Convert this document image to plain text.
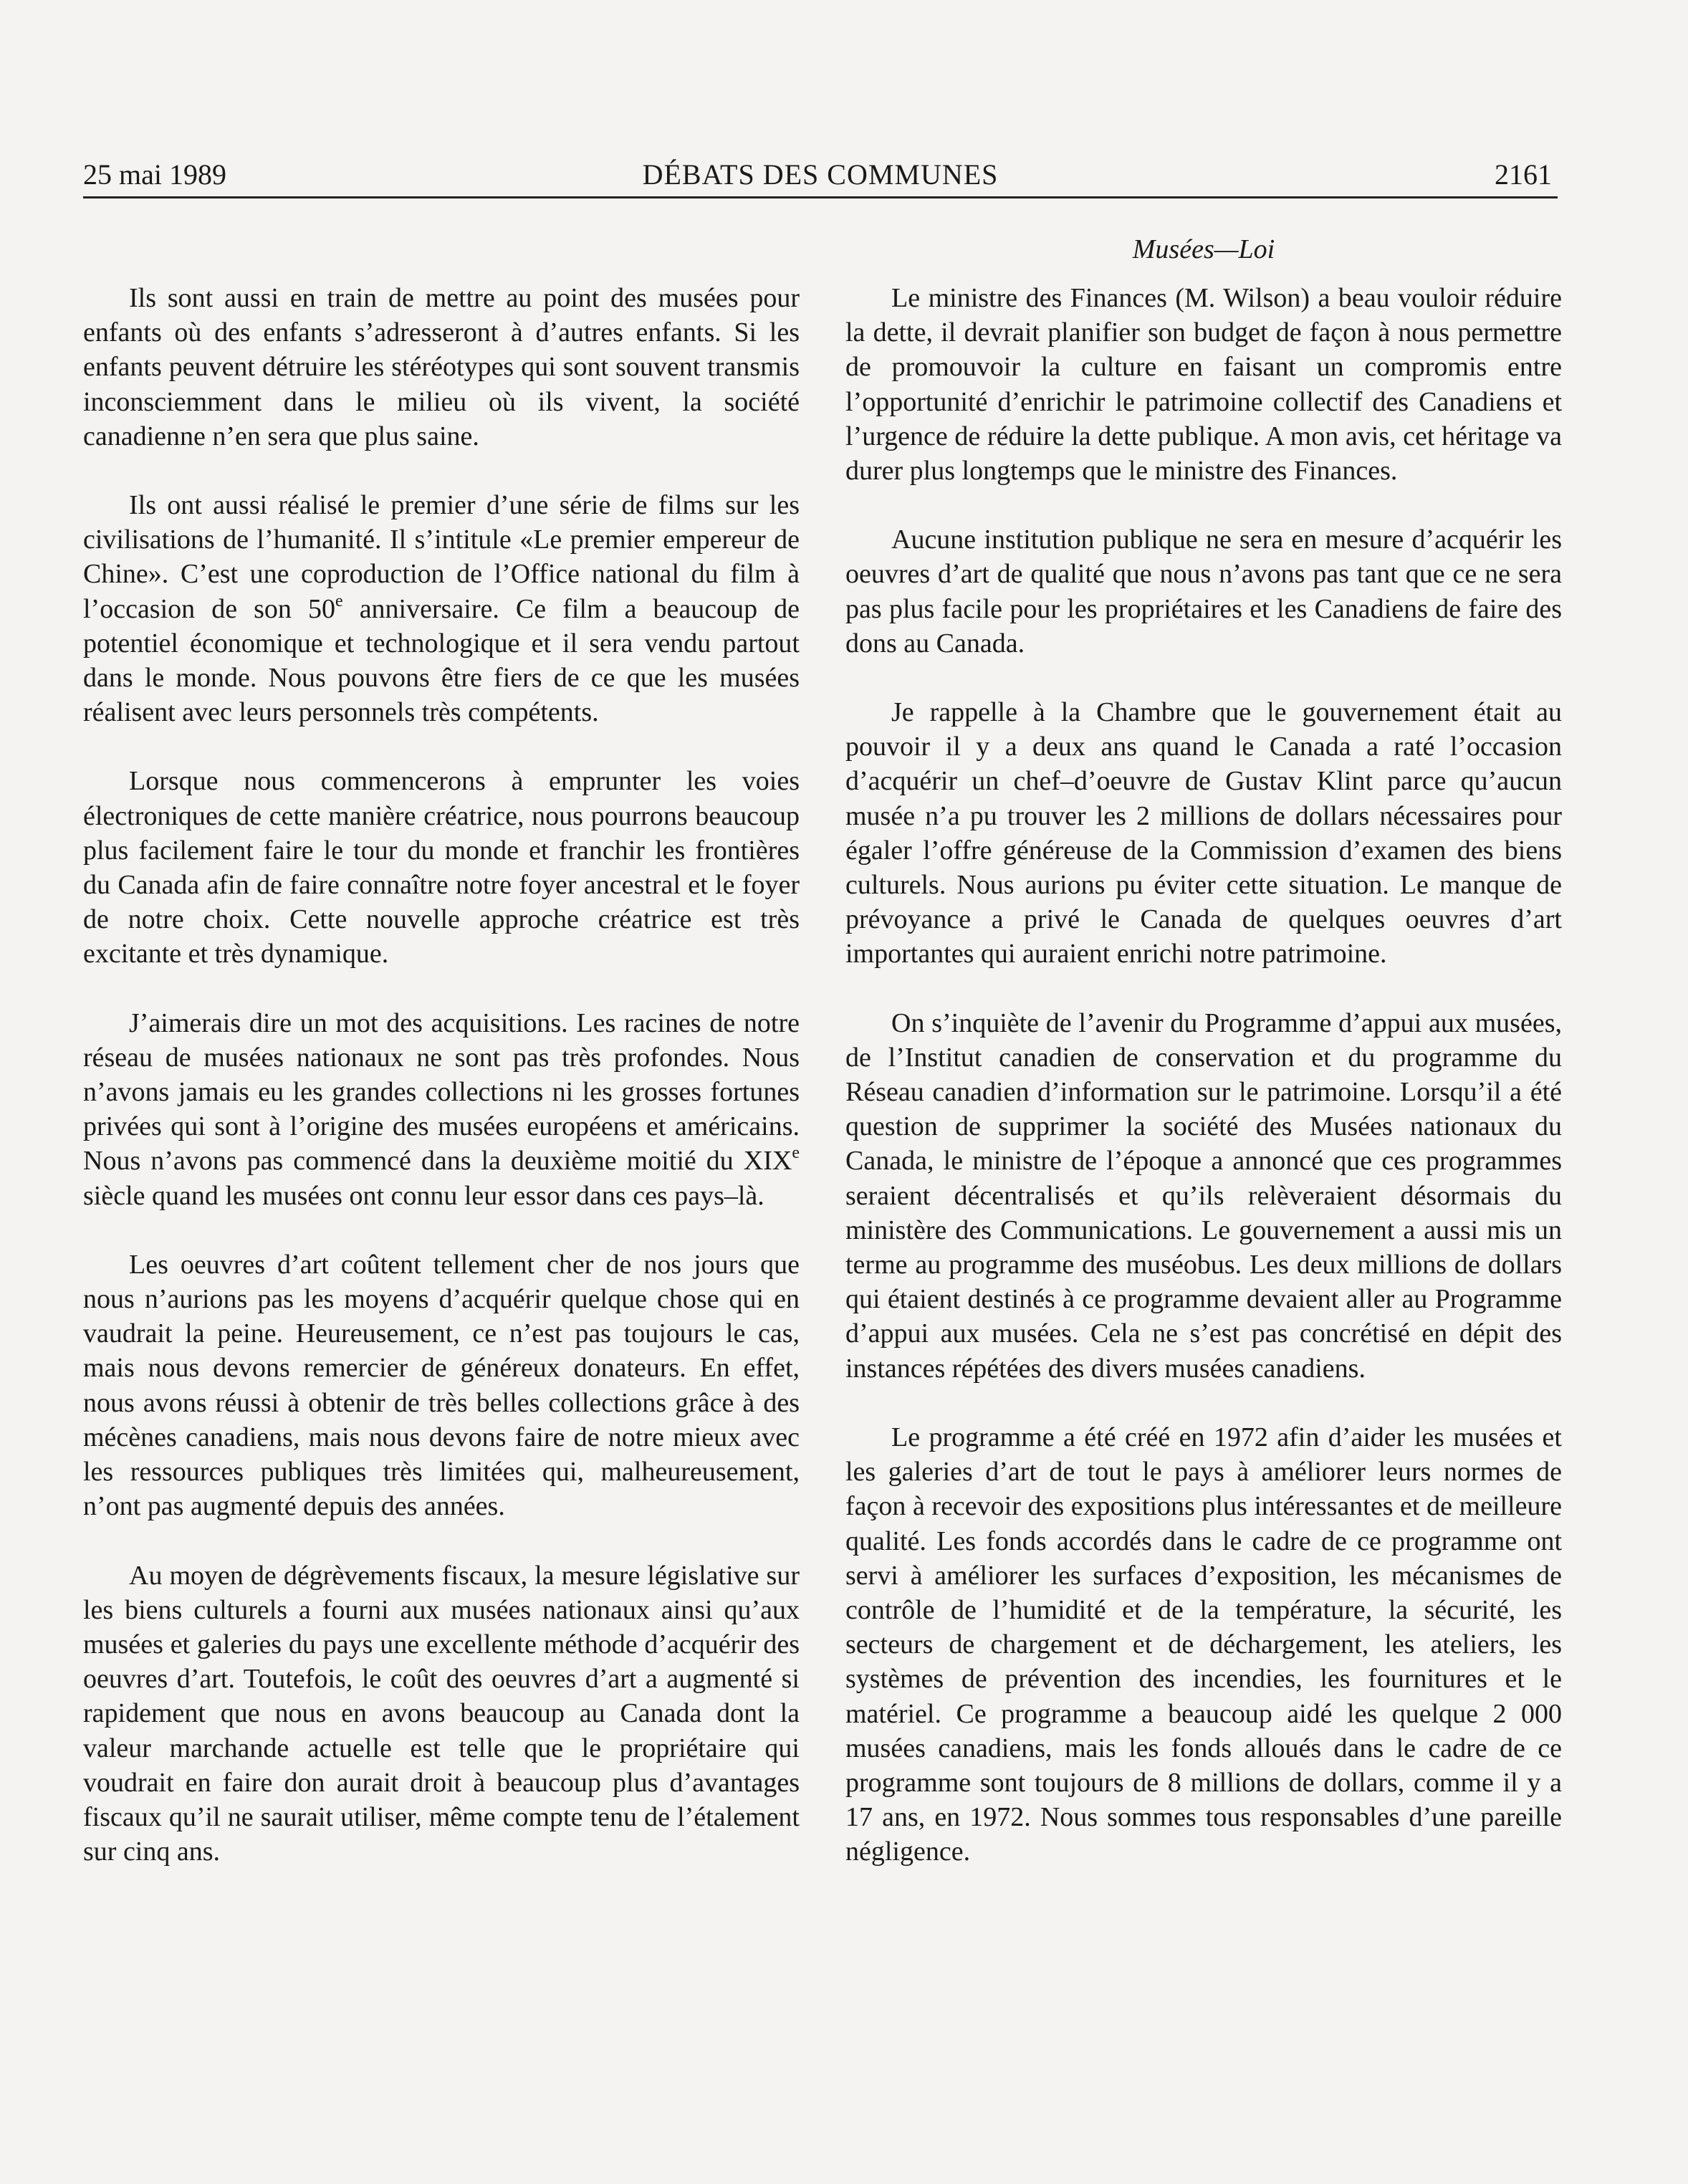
25 mai 1989	DÉBATS DES COMMUNES	2161
Musées—Loi

Ils sont aussi en train de mettre au point des musées pour enfants où des enfants s’adresseront à d’autres enfants. Si les enfants peuvent détruire les stéréotypes qui sont souvent transmis inconsciemment dans le milieu où ils vivent, la société canadienne n’en sera que plus saine.

Ils ont aussi réalisé le premier d’une série de films sur les civilisations de l’humanité. Il s’intitule «Le premier empereur de Chine». C’est une coproduction de l’Office national du film à l’occasion de son 50e anniversaire. Ce film a beaucoup de potentiel économique et technologique et il sera vendu partout dans le monde. Nous pouvons être fiers de ce que les musées réalisent avec leurs personnels très compétents.

Lorsque nous commencerons à emprunter les voies électroniques de cette manière créatrice, nous pourrons beaucoup plus facilement faire le tour du monde et franchir les frontières du Canada afin de faire connaître notre foyer ancestral et le foyer de notre choix. Cette nouvelle approche créatrice est très excitante et très dynamique.

J’aimerais dire un mot des acquisitions. Les racines de notre réseau de musées nationaux ne sont pas très profondes. Nous n’avons jamais eu les grandes collections ni les grosses fortunes privées qui sont à l’origine des musées européens et américains. Nous n’avons pas commencé dans la deuxième moitié du XIXe siècle quand les musées ont connu leur essor dans ces pays–là.

Les oeuvres d’art coûtent tellement cher de nos jours que nous n’aurions pas les moyens d’acquérir quelque chose qui en vaudrait la peine. Heureusement, ce n’est pas toujours le cas, mais nous devons remercier de généreux donateurs. En effet, nous avons réussi à obtenir de très belles collections grâce à des mécènes canadiens, mais nous devons faire de notre mieux avec les ressources publiques très limitées qui, malheureusement, n’ont pas augmenté depuis des années.

Au moyen de dégrèvements fiscaux, la mesure législative sur les biens culturels a fourni aux musées nationaux ainsi qu’aux musées et galeries du pays une excellente méthode d’acquérir des oeuvres d’art. Toutefois, le coût des oeuvres d’art a augmenté si rapidement que nous en avons beaucoup au Canada dont la valeur marchande actuelle est telle que le propriétaire qui voudrait en faire don aurait droit à beaucoup plus d’avantages fiscaux qu’il ne saurait utiliser, même compte tenu de l’étalement sur cinq ans.

Le ministre des Finances (M. Wilson) a beau vouloir réduire la dette, il devrait planifier son budget de façon à nous permettre de promouvoir la culture en faisant un compromis entre l’opportunité d’enrichir le patrimoine collectif des Canadiens et l’urgence de réduire la dette publique. A mon avis, cet héritage va durer plus longtemps que le ministre des Finances.

Aucune institution publique ne sera en mesure d’acquérir les oeuvres d’art de qualité que nous n’avons pas tant que ce ne sera pas plus facile pour les propriétaires et les Canadiens de faire des dons au Canada.

Je rappelle à la Chambre que le gouvernement était au pouvoir il y a deux ans quand le Canada a raté l’occasion d’acquérir un chef–d’oeuvre de Gustav Klint parce qu’aucun musée n’a pu trouver les 2 millions de dollars nécessaires pour égaler l’offre généreuse de la Commission d’examen des biens culturels. Nous aurions pu éviter cette situation. Le manque de prévoyance a privé le Canada de quelques oeuvres d’art importantes qui auraient enrichi notre patrimoine.

On s’inquiète de l’avenir du Programme d’appui aux musées, de l’Institut canadien de conservation et du programme du Réseau canadien d’information sur le patrimoine. Lorsqu’il a été question de supprimer la société des Musées nationaux du Canada, le ministre de l’époque a annoncé que ces programmes seraient décentralisés et qu’ils relèveraient désormais du ministère des Communications. Le gouvernement a aussi mis un terme au programme des muséobus. Les deux millions de dollars qui étaient destinés à ce programme devaient aller au Programme d’appui aux musées. Cela ne s’est pas concrétisé en dépit des instances répétées des divers musées canadiens.

Le programme a été créé en 1972 afin d’aider les musées et les galeries d’art de tout le pays à améliorer leurs normes de façon à recevoir des expositions plus intéressantes et de meilleure qualité. Les fonds accordés dans le cadre de ce programme ont servi à améliorer les surfaces d’exposition, les mécanismes de contrôle de l’humidité et de la température, la sécurité, les secteurs de chargement et de déchargement, les ateliers, les systèmes de prévention des incendies, les fournitures et le matériel. Ce programme a beaucoup aidé les quelque 2 000 musées canadiens, mais les fonds alloués dans le cadre de ce programme sont toujours de 8 millions de dollars, comme il y a 17 ans, en 1972. Nous sommes tous responsables d’une pareille négligence.
